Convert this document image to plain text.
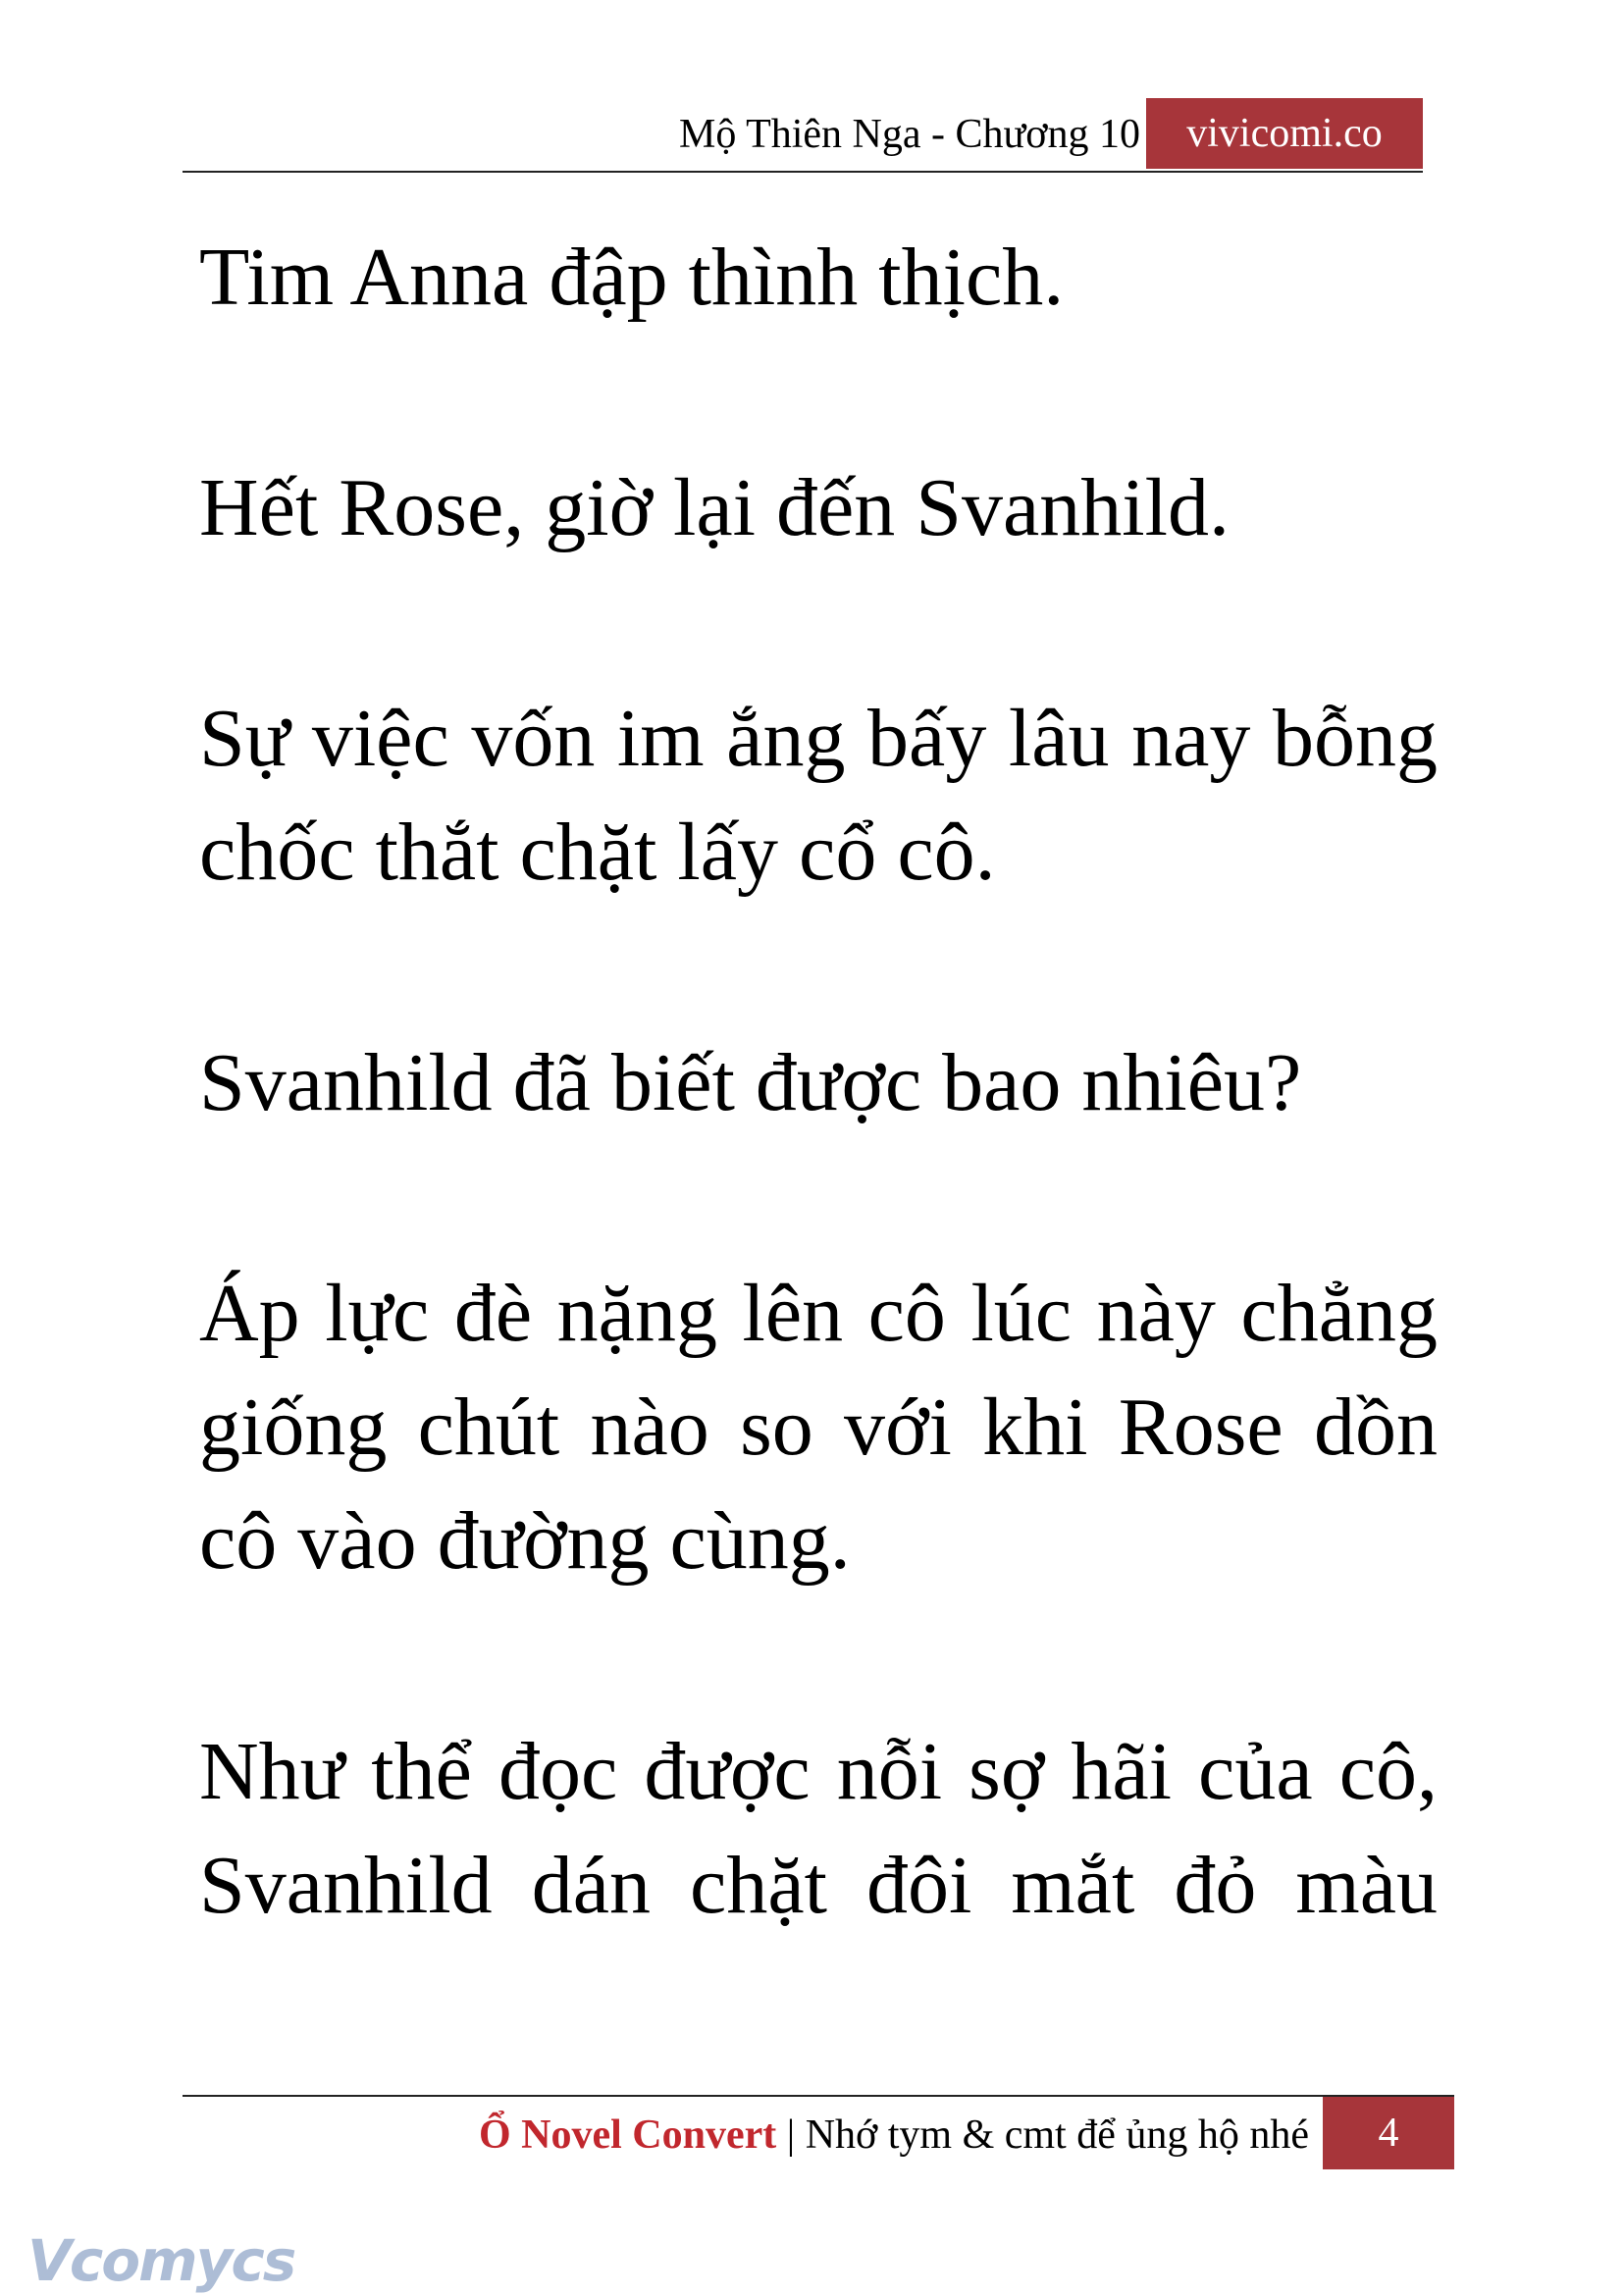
Mộ Thiên Nga - Chương 10	vivicomi.co

Tim Anna đập thình thịch.

Hết Rose, giờ lại đến Svanhild.

Sự việc vốn im ắng bấy lâu nay bỗng

chốc thắt chặt lấy cổ cô.

Svanhild đã biết được bao nhiêu?

Áp lực đè nặng lên cô lúc này chẳng
giống chút nào so với khi Rose dồn

cô vào đường cùng.

Như thể đọc được nỗi sợ hãi của cô,
Svanhild dán chặt đôi mắt đỏ màu

Ổ Novel Convert | Nhớ tym & cmt để ủng hộ nhé	4
Vcomycs
